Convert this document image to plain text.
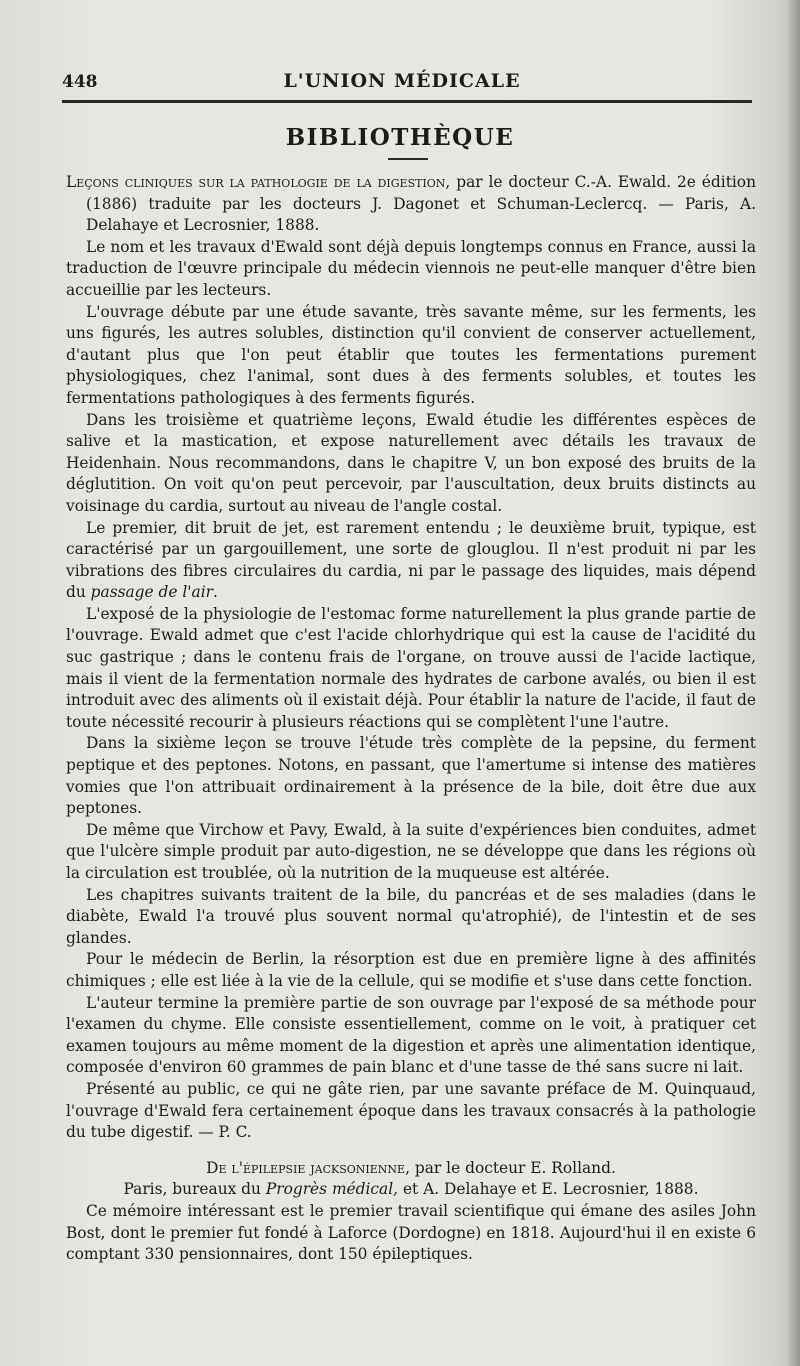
448	L'UNION MÉDICALE
BIBLIOTHÈQUE

Leçons cliniques sur la pathologie de la digestion, par le docteur C.-A. Ewald. 2e édition (1886) traduite par les docteurs J. Dagonet et Schuman-Leclercq. — Paris, A. Delahaye et Lecrosnier, 1888.

Le nom et les travaux d'Ewald sont déjà depuis longtemps connus en France, aussi la traduction de l'œuvre principale du médecin viennois ne peut-elle manquer d'être bien accueillie par les lecteurs.

L'ouvrage débute par une étude savante, très savante même, sur les ferments, les uns figurés, les autres solubles, distinction qu'il convient de conserver actuellement, d'autant plus que l'on peut établir que toutes les fermentations purement physiologiques, chez l'animal, sont dues à des ferments solubles, et toutes les fermentations pathologiques à des ferments figurés.

Dans les troisième et quatrième leçons, Ewald étudie les différentes espèces de salive et la mastication, et expose naturellement avec détails les travaux de Heidenhain. Nous recommandons, dans le chapitre V, un bon exposé des bruits de la déglutition. On voit qu'on peut percevoir, par l'auscultation, deux bruits distincts au voisinage du cardia, surtout au niveau de l'angle costal.

Le premier, dit bruit de jet, est rarement entendu ; le deuxième bruit, typique, est caractérisé par un gargouillement, une sorte de glouglou. Il n'est produit ni par les vibrations des fibres circulaires du cardia, ni par le passage des liquides, mais dépend du passage de l'air.

L'exposé de la physiologie de l'estomac forme naturellement la plus grande partie de l'ouvrage. Ewald admet que c'est l'acide chlorhydrique qui est la cause de l'acidité du suc gastrique ; dans le contenu frais de l'organe, on trouve aussi de l'acide lactique, mais il vient de la fermentation normale des hydrates de carbone avalés, ou bien il est introduit avec des aliments où il existait déjà. Pour établir la nature de l'acide, il faut de toute nécessité recourir à plusieurs réactions qui se complètent l'une l'autre.

Dans la sixième leçon se trouve l'étude très complète de la pepsine, du ferment peptique et des peptones. Notons, en passant, que l'amertume si intense des matières vomies que l'on attribuait ordinairement à la présence de la bile, doit être due aux peptones.

De même que Virchow et Pavy, Ewald, à la suite d'expériences bien conduites, admet que l'ulcère simple produit par auto-digestion, ne se développe que dans les régions où la circulation est troublée, où la nutrition de la muqueuse est altérée.

Les chapitres suivants traitent de la bile, du pancréas et de ses maladies (dans le diabète, Ewald l'a trouvé plus souvent normal qu'atrophié), de l'intestin et de ses glandes.

Pour le médecin de Berlin, la résorption est due en première ligne à des affinités chimiques ; elle est liée à la vie de la cellule, qui se modifie et s'use dans cette fonction.

L'auteur termine la première partie de son ouvrage par l'exposé de sa méthode pour l'examen du chyme. Elle consiste essentiellement, comme on le voit, à pratiquer cet examen toujours au même moment de la digestion et après une alimentation identique, composée d'environ 60 grammes de pain blanc et d'une tasse de thé sans sucre ni lait.

Présenté au public, ce qui ne gâte rien, par une savante préface de M. Quinquaud, l'ouvrage d'Ewald fera certainement époque dans les travaux consacrés à la pathologie du tube digestif. — P. C.

De l'épilepsie jacksonienne, par le docteur E. Rolland.

Paris, bureaux du Progrès médical, et A. Delahaye et E. Lecrosnier, 1888.

Ce mémoire intéressant est le premier travail scientifique qui émane des asiles John Bost, dont le premier fut fondé à Laforce (Dordogne) en 1818. Aujourd'hui il en existe 6 comptant 330 pensionnaires, dont 150 épileptiques.
